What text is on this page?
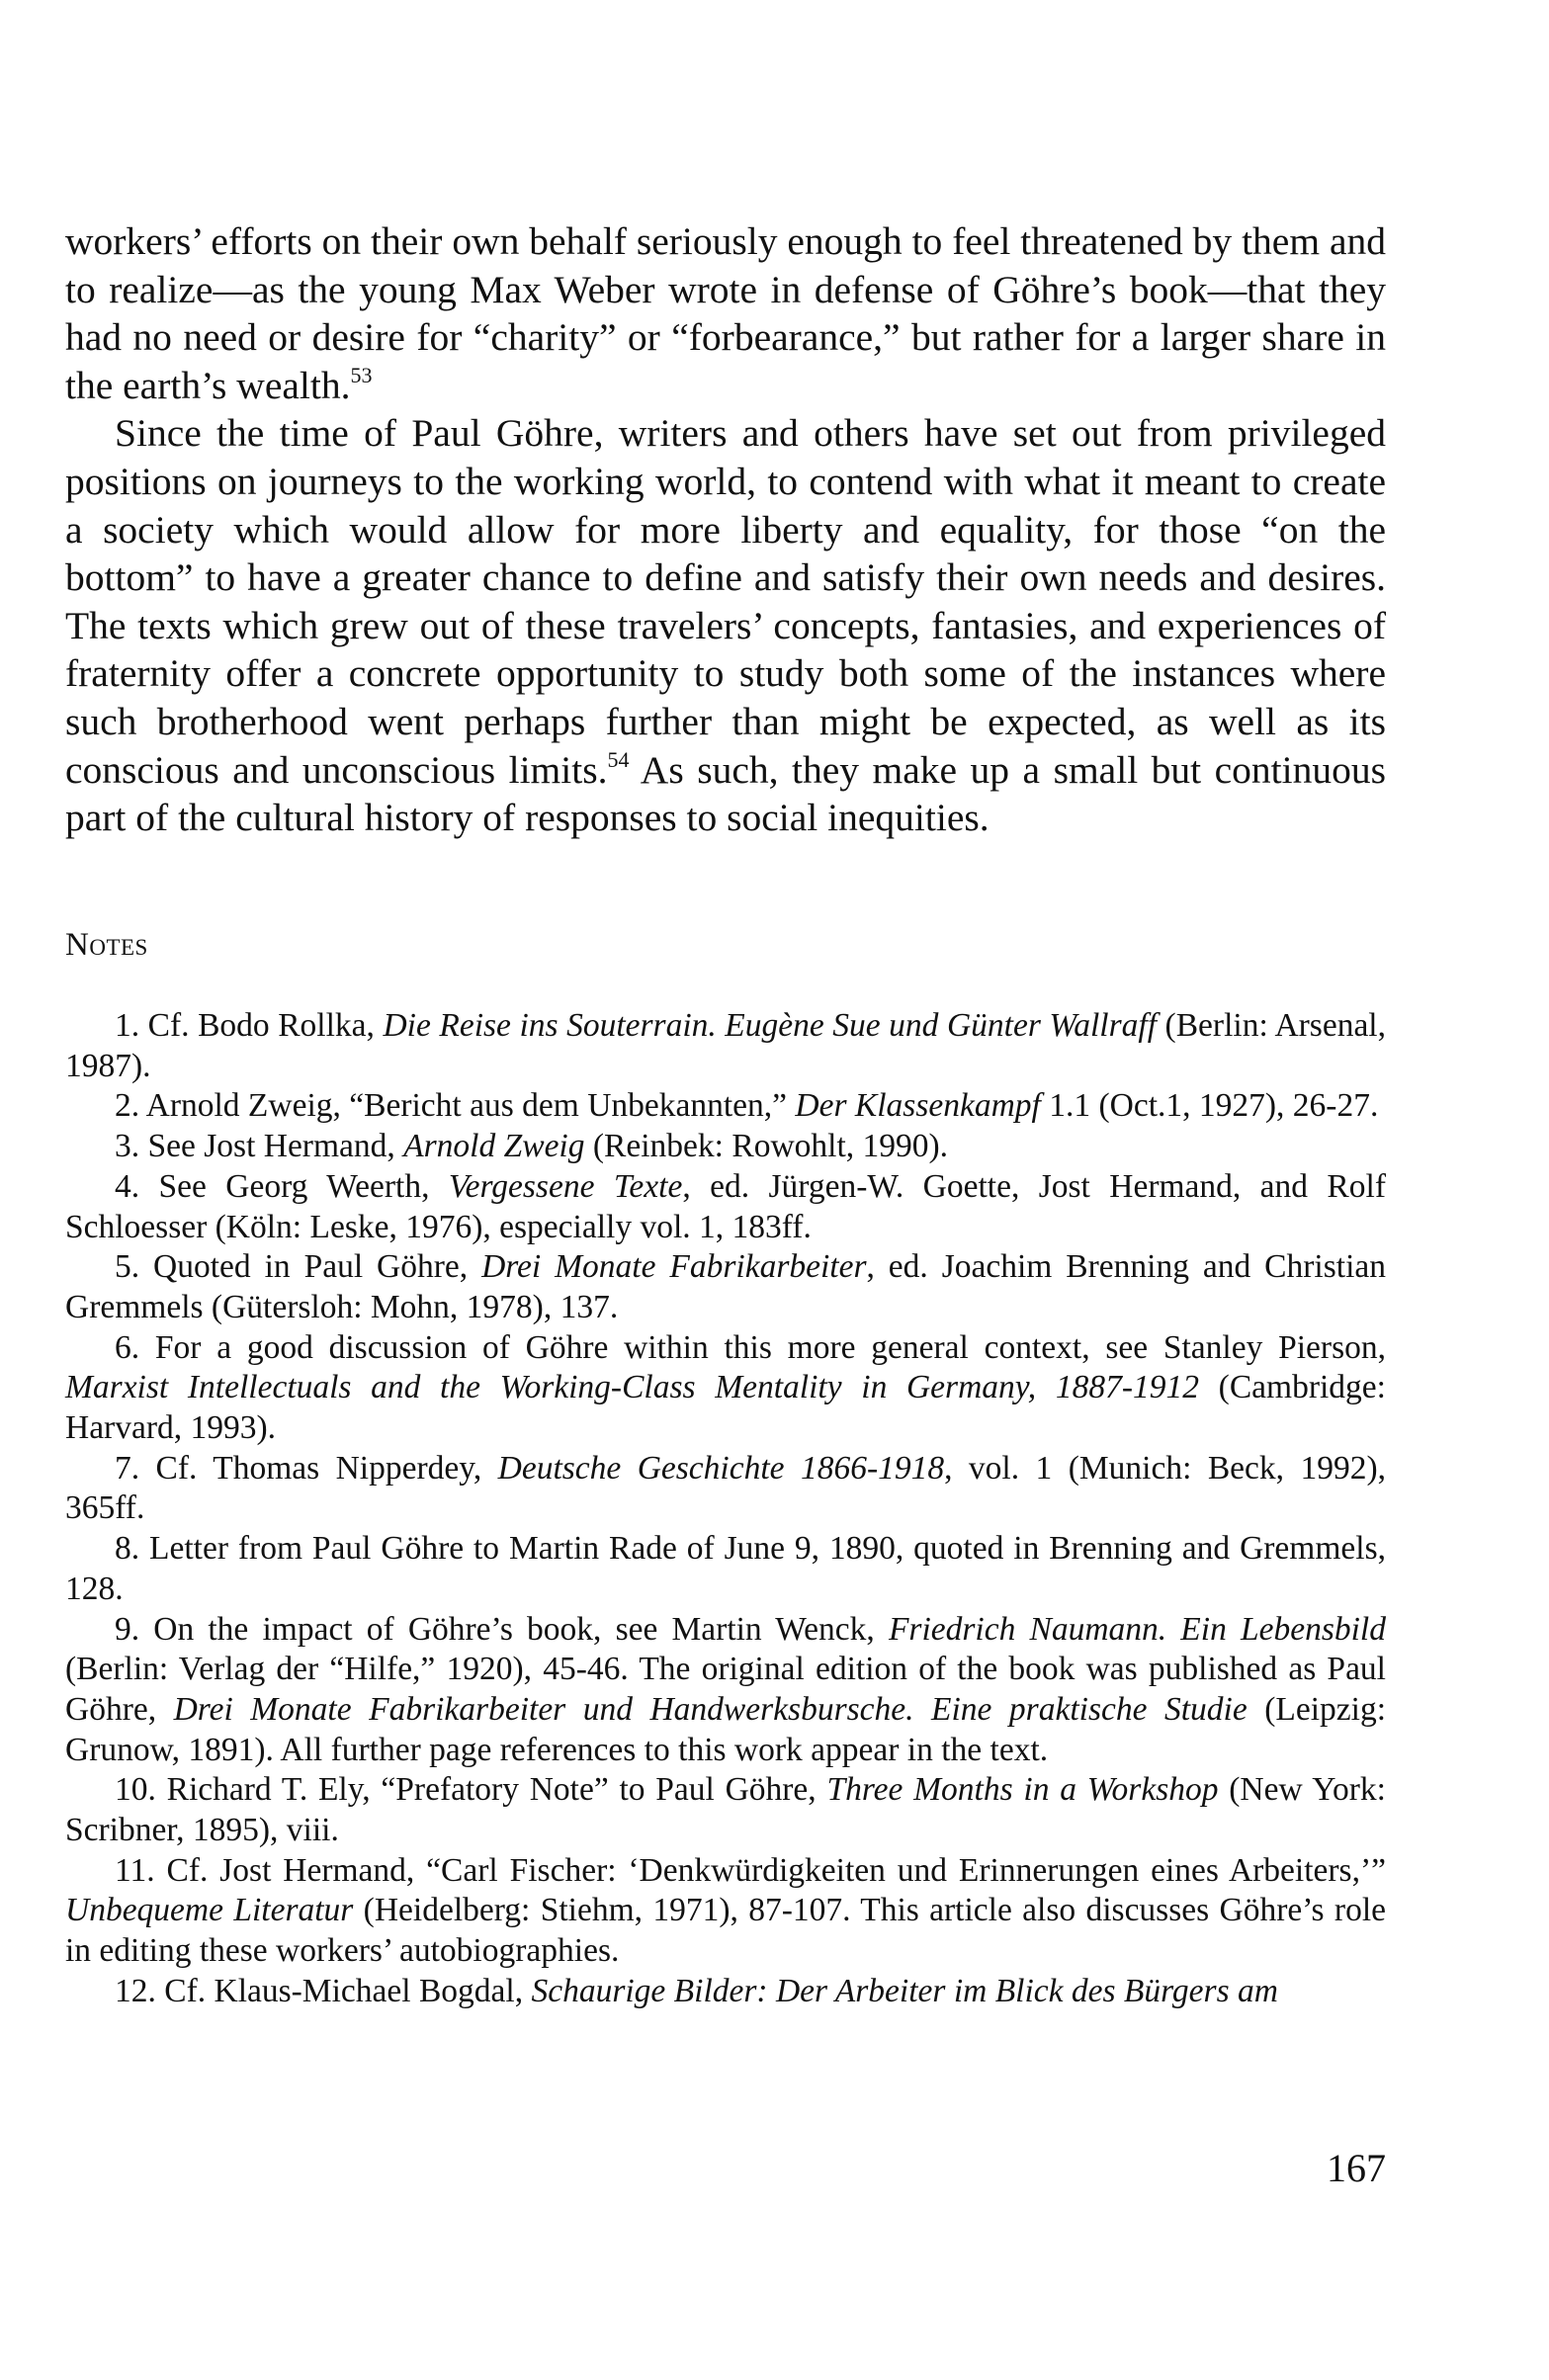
workers’ efforts on their own behalf seriously enough to feel threatened by them and to realize—as the young Max Weber wrote in defense of Göhre’s book—that they had no need or desire for “charity” or “forbearance,” but rather for a larger share in the earth’s wealth.$^{53}$

Since the time of Paul Göhre, writers and others have set out from privileged positions on journeys to the working world, to contend with what it meant to create a society which would allow for more liberty and equality, for those “on the bottom” to have a greater chance to define and satisfy their own needs and desires. The texts which grew out of these travelers’ concepts, fantasies, and experiences of fraternity offer a concrete opportunity to study both some of the instances where such brotherhood went perhaps further than might be expected, as well as its conscious and unconscious limits.$^{54}$ As such, they make up a small but continuous part of the cultural history of responses to social inequities.

Notes

1. Cf. Bodo Rollka, Die Reise ins Souterrain. Eugène Sue und Günter Wallraff (Berlin: Arsenal, 1987).

2. Arnold Zweig, “Bericht aus dem Unbekannten,” Der Klassenkampf 1.1 (Oct.1, 1927), 26-27.

3. See Jost Hermand, Arnold Zweig (Reinbek: Rowohlt, 1990).

4. See Georg Weerth, Vergessene Texte, ed. Jürgen-W. Goette, Jost Hermand, and Rolf Schloesser (Köln: Leske, 1976), especially vol. 1, 183ff.

5. Quoted in Paul Göhre, Drei Monate Fabrikarbeiter, ed. Joachim Brenning and Christian Gremmels (Gütersloh: Mohn, 1978), 137.

6. For a good discussion of Göhre within this more general context, see Stanley Pierson, Marxist Intellectuals and the Working-Class Mentality in Germany, 1887-1912 (Cambridge: Harvard, 1993).

7. Cf. Thomas Nipperdey, Deutsche Geschichte 1866-1918, vol. 1 (Munich: Beck, 1992), 365ff.

8. Letter from Paul Göhre to Martin Rade of June 9, 1890, quoted in Brenning and Gremmels, 128.

9. On the impact of Göhre’s book, see Martin Wenck, Friedrich Naumann. Ein Lebensbild (Berlin: Verlag der “Hilfe,” 1920), 45-46. The original edition of the book was published as Paul Göhre, Drei Monate Fabrikarbeiter und Handwerksbursche. Eine praktische Studie (Leipzig: Grunow, 1891). All further page references to this work appear in the text.

10. Richard T. Ely, “Prefatory Note” to Paul Göhre, Three Months in a Workshop (New York: Scribner, 1895), viii.

11. Cf. Jost Hermand, “Carl Fischer: ‘Denkwürdigkeiten und Erinnerungen eines Arbeiters,’” Unbequeme Literatur (Heidelberg: Stiehm, 1971), 87-107. This article also discusses Göhre’s role in editing these workers’ autobiographies.

12. Cf. Klaus-Michael Bogdal, Schaurige Bilder: Der Arbeiter im Blick des Bürgers am

167
